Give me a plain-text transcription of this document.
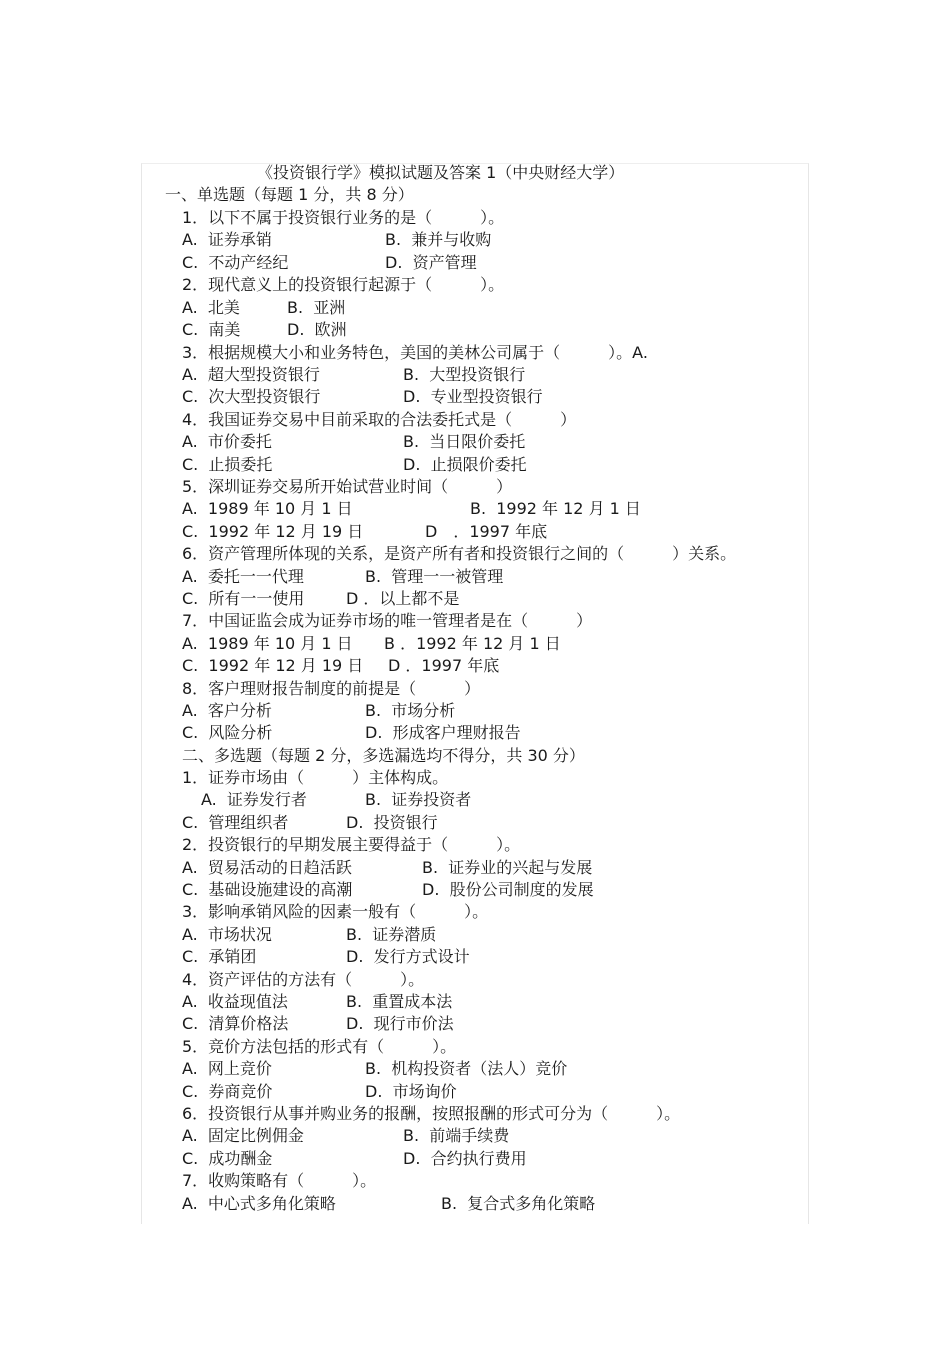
《投资银行学》模拟试题及答案 1（中央财经大学）
一、单选题（每题 1 分，共 8 分）
1．以下不属于投资银行业务的是（　　　）。
A.  证券承销	B.  兼并与收购
C.  不动产经纪	D.  资产管理
2．现代意义上的投资银行起源于（　　　）。
A.  北美	B.  亚洲
C.  南美	D.  欧洲
3．根据规模大小和业务特色，美国的美林公司属于（　　　）。A.
A.  超大型投资银行	B.  大型投资银行
C.  次大型投资银行	D.  专业型投资银行
4．我国证券交易中目前采取的合法委托式是（　　　）
A.  市价委托	B.  当日限价委托
C.  止损委托	D.  止损限价委托
5．深圳证券交易所开始试营业时间（　　　）
A.  1989 年 10 月 1 日	B.  1992 年 12 月 1 日
C.  1992 年 12 月 19 日	D　．1997 年底
6．资产管理所体现的关系，是资产所有者和投资银行之间的（　　　）关系。
A.  委托一一代理	B.  管理一一被管理
C.  所有一一使用	D ．以上都不是
7．中国证监会成为证券市场的唯一管理者是在（　　　）
A.  1989 年 10 月 1 日 B ．1992 年 12 月 1 日
C.  1992 年 12 月 19 日 D ．1997 年底
8．客户理财报告制度的前提是（　　　）
A.  客户分析	B.  市场分析
C.  风险分析	D.  形成客户理财报告
二、多选题（每题 2 分，多选漏选均不得分，共 30 分）
1．证券市场由（　　　）主体构成。
A.  证券发行者	B.  证券投资者
C.  管理组织者	D.  投资银行
2．投资银行的早期发展主要得益于（　　　）。
A.  贸易活动的日趋活跃	B.  证券业的兴起与发展
C.  基础设施建设的高潮	D.  股份公司制度的发展
3．影响承销风险的因素一般有（　　　）。
A.  市场状况	B.  证券潜质
C.  承销团	D.  发行方式设计
4．资产评估的方法有（　　　）。
A.  收益现值法	B.  重置成本法
C.  清算价格法	D.  现行市价法
5．竞价方法包括的形式有（　　　）。
A.  网上竞价	B.  机构投资者（法人）竞价
C.  券商竞价	D.  市场询价
6．投资银行从事并购业务的报酬，按照报酬的形式可分为（　　　）。
A.  固定比例佣金	B.  前端手续费
C.  成功酬金	D.  合约执行费用
7．收购策略有（　　　）。
A.  中心式多角化策略	B.  复合式多角化策略
